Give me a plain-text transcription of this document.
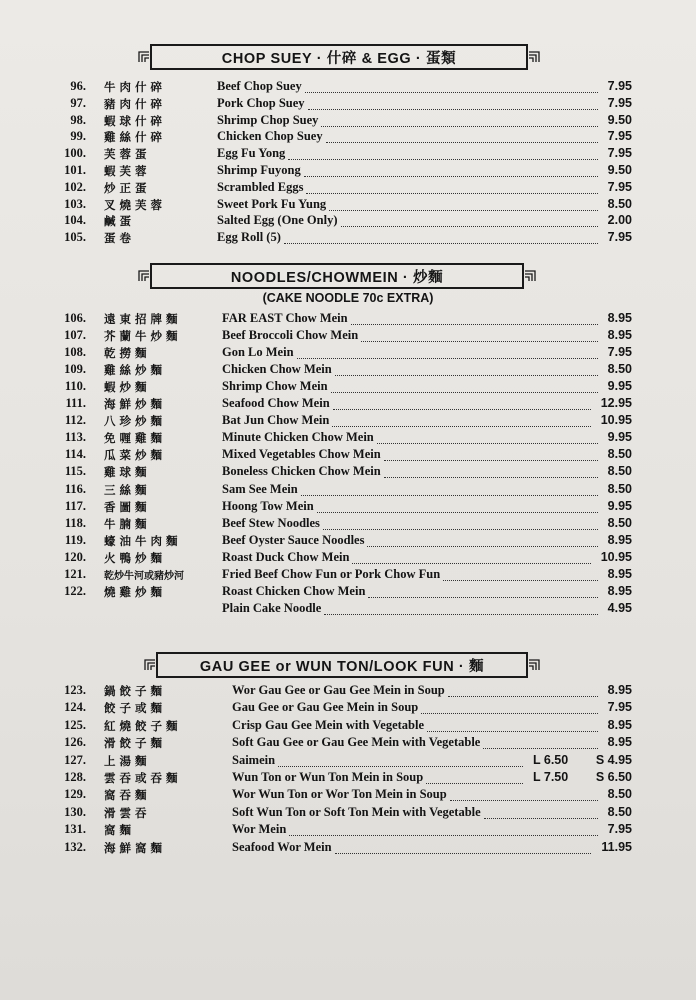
CHOP SUEY · 什碎 & EGG · 蛋類
96. 牛肉什碎	Beef Chop Suey	7.95
97. 豬肉什碎	Pork Chop Suey	7.95
98. 蝦球什碎	Shrimp Chop Suey	9.50
99. 雞絲什碎	Chicken Chop Suey	7.95
100. 芙蓉蛋	Egg Fu Yong	7.95
101. 蝦芙蓉	Shrimp Fuyong	9.50
102. 炒正蛋	Scrambled Eggs	7.95
103. 叉燒芙蓉	Sweet Pork Fu Yung	8.50
104. 鹹蛋	Salted Egg (One Only)	2.00
105. 蛋卷	Egg Roll (5)	7.95
NOODLES/CHOWMEIN · 炒麵
(CAKE NOODLE 70c EXTRA)
106. 遠東招牌麵	FAR EAST Chow Mein	8.95
107. 芥蘭牛炒麵	Beef Broccoli Chow Mein	8.95
108. 乾撈麵	Gon Lo Mein	7.95
109. 雞絲炒麵	Chicken Chow Mein	8.50
110. 蝦炒麵	Shrimp Chow Mein	9.95
111. 海鮮炒麵	Seafood Chow Mein	12.95
112. 八珍炒麵	Bat Jun Chow Mein	10.95
113. 免喱雞麵	Minute Chicken Chow Mein	9.95
114. 瓜菜炒麵	Mixed Vegetables Chow Mein	8.50
115. 雞球麵	Boneless Chicken Chow Mein	8.50
116. 三絲麵	Sam See Mein	8.50
117. 香圖麵	Hoong Tow Mein	9.95
118. 牛腩麵	Beef Stew Noodles	8.50
119. 蠔油牛肉麵	Beef Oyster Sauce Noodles	8.95
120. 火鴨炒麵	Roast Duck Chow Mein	10.95
121. 乾炒牛河或豬炒河	Fried Beef Chow Fun or Pork Chow Fun	8.95
122. 燒雞炒麵	Roast Chicken Chow Mein	8.95
Plain Cake Noodle	4.95
GAU GEE or WUN TON/LOOK FUN · 麵
123. 鍋餃子麵	Wor Gau Gee or Gau Gee Mein in Soup	8.95
124. 餃子或麵	Gau Gee or Gau Gee Mein in Soup	7.95
125. 紅燒餃子麵	Crisp Gau Gee Mein with Vegetable	8.95
126. 滑餃子麵	Soft Gau Gee or Gau Gee Mein with Vegetable	8.95
127. 上湯麵	Saimein	L 6.50 S 4.95
128. 雲吞或吞麵	Wun Ton or Wun Ton Mein in Soup	L 7.50 S 6.50
129. 窩吞麵	Wor Wun Ton or Wor Ton Mein in Soup	8.50
130. 滑雲吞	Soft Wun Ton or Soft Ton Mein with Vegetable	8.50
131. 窩麵	Wor Mein	7.95
132. 海鮮窩麵	Seafood Wor Mein	11.95
